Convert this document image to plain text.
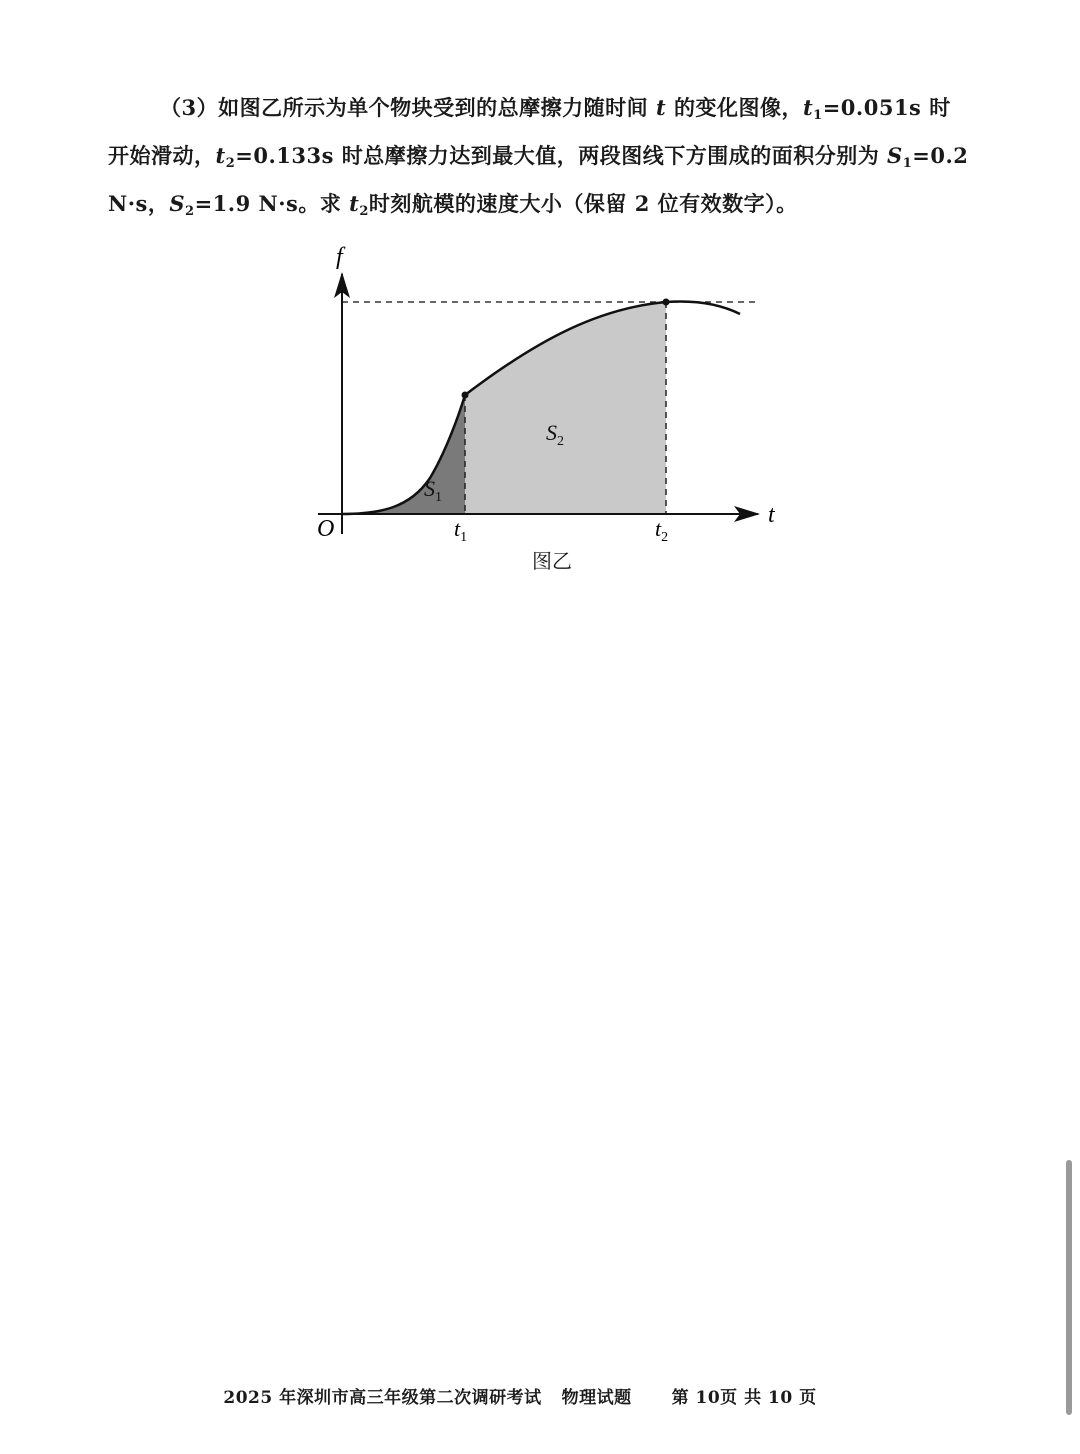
（3）如图乙所示为单个物块受到的总摩擦力随时间 t 的变化图像，$t_1=0.051s$ 时
开始滑动，$t_2=0.133s$ 时总摩擦力达到最大值，两段图线下方围成的面积分别为 $S_1=0.2$
N·s，$S_2=1.9$ N·s。求 $t_2$时刻航模的速度大小（保留 2 位有效数字）。
f
t
O	$t_1$	$t_2$
$S_1$
$S_2$
图乙
2025 年深圳市高三年级第二次调研考试 物理试题 第 10页 共 10 页
